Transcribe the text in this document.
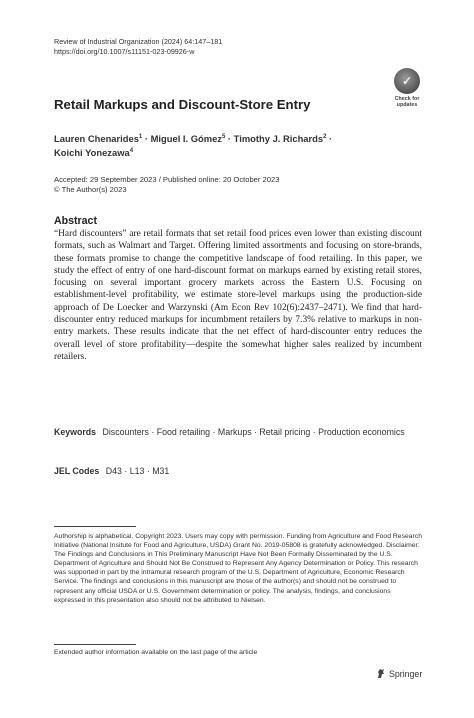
Review of Industrial Organization (2024) 64:147–181
https://doi.org/10.1007/s11151-023-09926-w
✓
Check for
updates
Retail Markups and Discount-Store Entry
Lauren Chenarides$^1$ · Miguel I. Gómez$^5$ · Timothy J. Richards$^2$ ·
Koichi Yonezawa$^4$
Accepted: 29 September 2023 / Published online: 20 October 2023
© The Author(s) 2023
Abstract
“Hard discounters” are retail formats that set retail food prices even lower than existing discount formats, such as Walmart and Target. Offering limited assortments and focusing on store-brands, these formats promise to change the competitive landscape of food retailing. In this paper, we study the effect of entry of one hard-discount format on markups earned by existing retail stores, focusing on several important grocery markets across the Eastern U.S. Focusing on establishment-level profitability, we estimate store-level markups using the production-side approach of De Loecker and Warzynski (Am Econ Rev 102(6):2437–2471). We find that hard-discounter entry reduced markups for incumbment retailers by 7.3% relative to markups in non-entry markets. These results indicate that the net effect of hard-discounter entry reduces the overall level of store profitability—despite the somewhat higher sales realized by incumbent retailers.
Keywords Discounters · Food retailing · Markups · Retail pricing · Production economics
JEL Codes D43 · L13 · M31
Authorship is alphabetical. Copyright 2023. Users may copy with permission. Funding from Agriculture and Food Research Initiative (National Insitute for Food and Agriculture, USDA) Grant No. 2019-05808 is gratefully acknowledged. Disclaimer: The Findings and Conclusions in This Preliminary Manuscript Have Not Been Formally Disseminated by the U.S. Department of Agriculture and Should Not Be Construed to Represent Any Agency Determination or Policy. This research was supported in part by the intramural research program of the U.S. Department of Agriculture, Economic Research Service. The findings and conclusions in this manuscript are those of the author(s) and should not be construed to represent any official USDA or U.S. Government determination or policy. The analysis, findings, and conclusions expressed in this presentation also should not be attributed to Nielsen.
Extended author information available on the last page of the article
Springer
